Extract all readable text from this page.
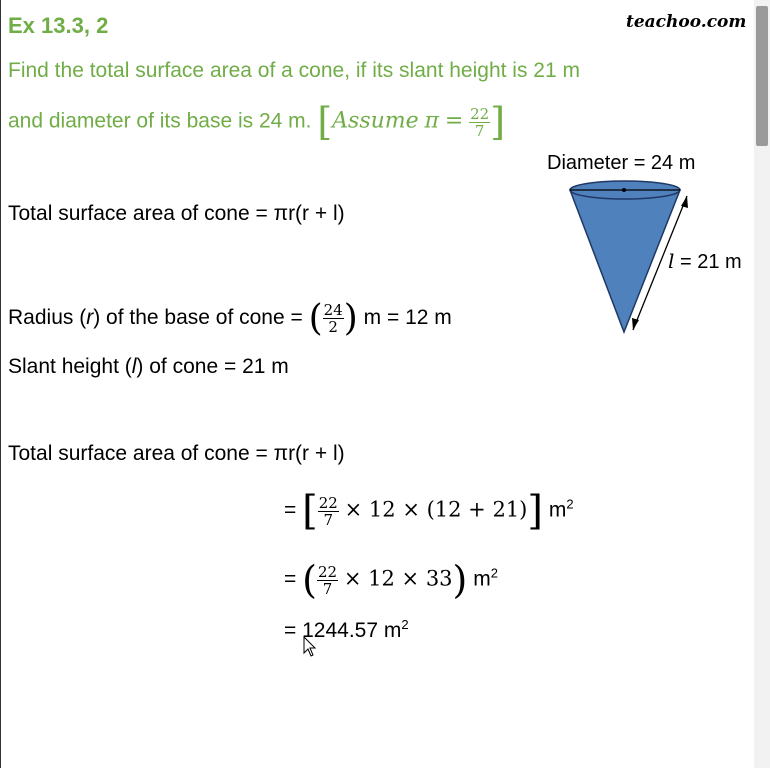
Ex 13.3, 2	teachoo.com
Find the total surface area of a cone, if its slant height is 21 m
and diameter of its base is 24 m. [Assume $\pi = \frac{22}{7}$ ]
Diameter = 24 m
l = 21 m
Total surface area of cone = πr(r + l)
Radius (r) of the base of cone = ( $\frac{24}{2}$ ) m = 12 m
Slant height (l) of cone = 21 m
Total surface area of cone = πr(r + l)
= [ $\frac{22}{7} \times 12 \times (12 + 21)$] $m^2$
= ( $\frac{22}{7} \times 12 \times 33$) $m^2$
= 1244.57 $m^2$
